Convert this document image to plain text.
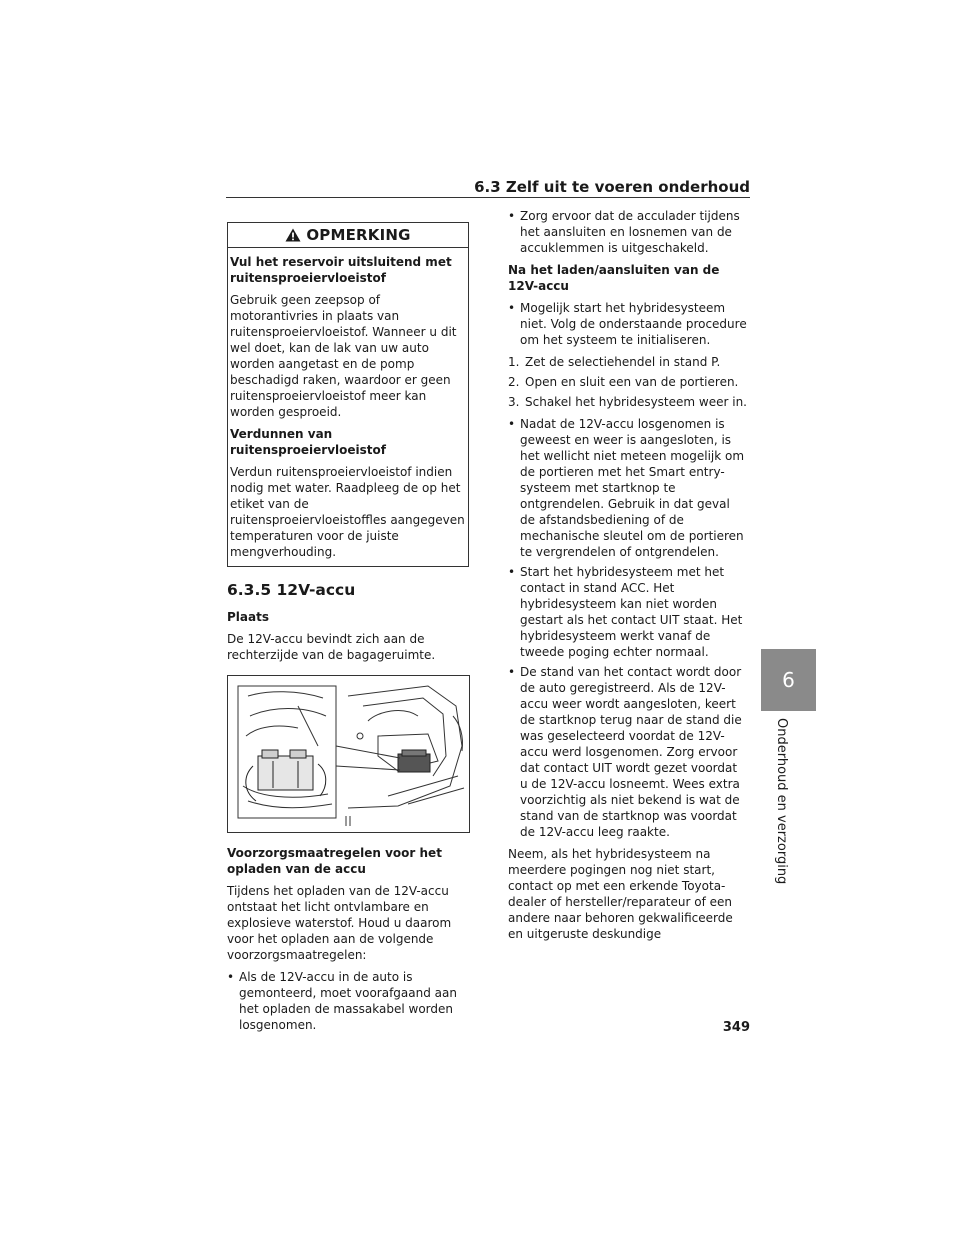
6.3 Zelf uit te voeren onderhoud
OPMERKING

Vul het reservoir uitsluitend met ruitensproeiervloeistof

Gebruik geen zeepsop of motorantivries in plaats van ruitensproeiervloeistof. Wanneer u dit wel doet, kan de lak van uw auto worden aangetast en de pomp beschadigd raken, waardoor er geen ruitensproeiervloeistof meer kan worden gesproeid.

Verdunnen van ruitensproeiervloeistof

Verdun ruitensproeiervloeistof indien nodig met water. Raadpleeg de op het etiket van de ruitensproeiervloeistoffles aangegeven temperaturen voor de juiste mengverhouding.

6.3.5 12V-accu

Plaats

De 12V-accu bevindt zich aan de rechterzijde van de bagageruimte.

Voorzorgsmaatregelen voor het opladen van de accu

Tijdens het opladen van de 12V-accu ontstaat het licht ontvlambare en explosieve waterstof. Houd u daarom voor het opladen aan de volgende voorzorgsmaatregelen:

• Als de 12V-accu in de auto is gemonteerd, moet voorafgaand aan het opladen de massakabel worden losgenomen.
• Zorg ervoor dat de acculader tijdens het aansluiten en losnemen van de accuklemmen is uitgeschakeld.

Na het laden/aansluiten van de 12V-accu

• Mogelijk start het hybridesysteem niet. Volg de onderstaande procedure om het systeem te initialiseren.
1. Zet de selectiehendel in stand P.
2. Open en sluit een van de portieren.
3. Schakel het hybridesysteem weer in.
• Nadat de 12V-accu losgenomen is geweest en weer is aangesloten, is het wellicht niet meteen mogelijk om de portieren met het Smart entry-systeem met startknop te ontgrendelen. Gebruik in dat geval de afstandsbediening of de mechanische sleutel om de portieren te vergrendelen of ontgrendelen.
• Start het hybridesysteem met het contact in stand ACC. Het hybridesysteem kan niet worden gestart als het contact UIT staat. Het hybridesysteem werkt vanaf de tweede poging echter normaal.
• De stand van het contact wordt door de auto geregistreerd. Als de 12V-accu weer wordt aangesloten, keert de startknop terug naar de stand die was geselecteerd voordat de 12V-accu werd losgenomen. Zorg ervoor dat contact UIT wordt gezet voordat u de 12V-accu losneemt. Wees extra voorzichtig als niet bekend is wat de stand van de startknop was voordat de 12V-accu leeg raakte.

Neem, als het hybridesysteem na meerdere pogingen nog niet start, contact op met een erkende Toyota-dealer of hersteller/reparateur of een andere naar behoren gekwalificeerde en uitgeruste deskundige

6
Onderhoud en verzorging
349
